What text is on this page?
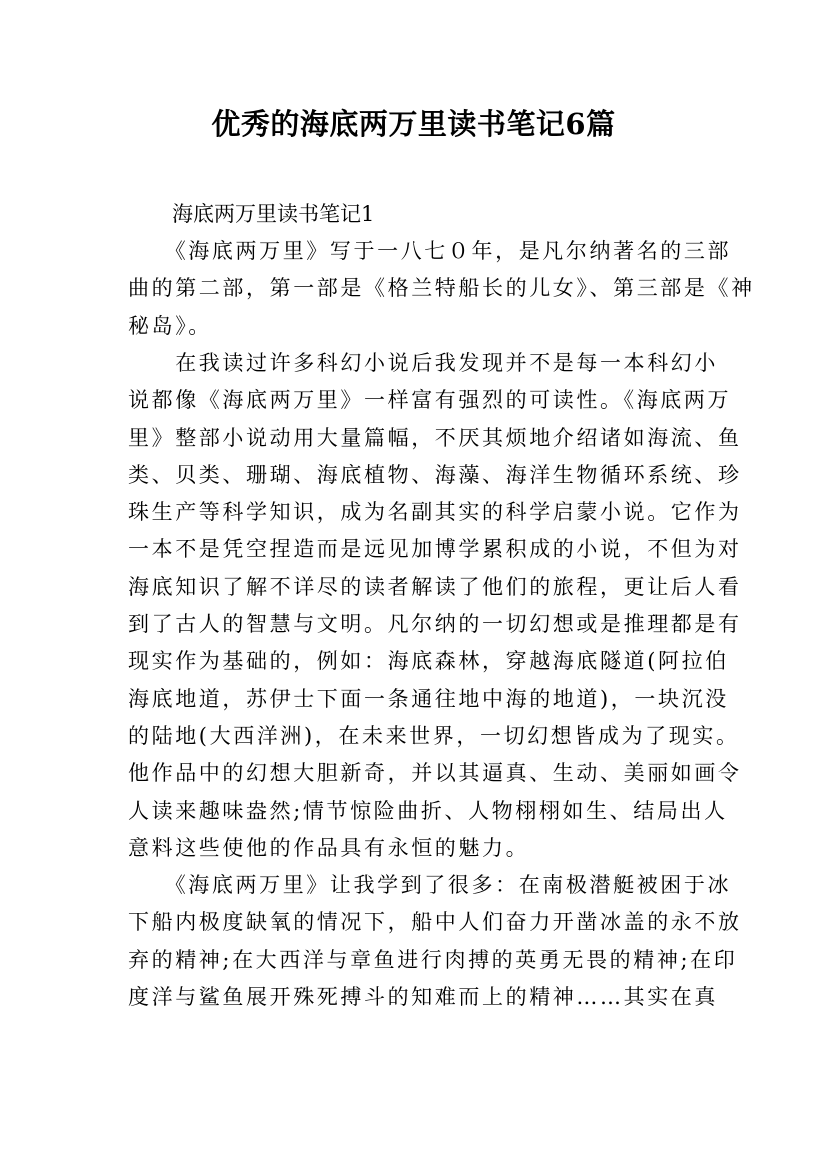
优秀的海底两万里读书笔记6篇
海底两万里读书笔记1
　　《海底两万里》写于一八七０年，是凡尔纳著名的三部
曲的第二部，第一部是《格兰特船长的儿女》、第三部是《神
秘岛》。
　　在我读过许多科幻小说后我发现并不是每一本科幻小
说都像《海底两万里》一样富有强烈的可读性。《海底两万
里》整部小说动用大量篇幅，不厌其烦地介绍诸如海流、鱼
类、贝类、珊瑚、海底植物、海藻、海洋生物循环系统、珍
珠生产等科学知识，成为名副其实的科学启蒙小说。它作为
一本不是凭空捏造而是远见加博学累积成的小说，不但为对
海底知识了解不详尽的读者解读了他们的旅程，更让后人看
到了古人的智慧与文明。凡尔纳的一切幻想或是推理都是有
现实作为基础的，例如：海底森林，穿越海底隧道(阿拉伯
海底地道，苏伊士下面一条通往地中海的地道)，一块沉没
的陆地(大西洋洲)，在未来世界，一切幻想皆成为了现实。
他作品中的幻想大胆新奇，并以其逼真、生动、美丽如画令
人读来趣味盎然;情节惊险曲折、人物栩栩如生、结局出人
意料这些使他的作品具有永恒的魅力。
　　《海底两万里》让我学到了很多：在南极潜艇被困于冰
下船内极度缺氧的情况下，船中人们奋力开凿冰盖的永不放
弃的精神;在大西洋与章鱼进行肉搏的英勇无畏的精神;在印
度洋与鲨鱼展开殊死搏斗的知难而上的精神……其实在真
